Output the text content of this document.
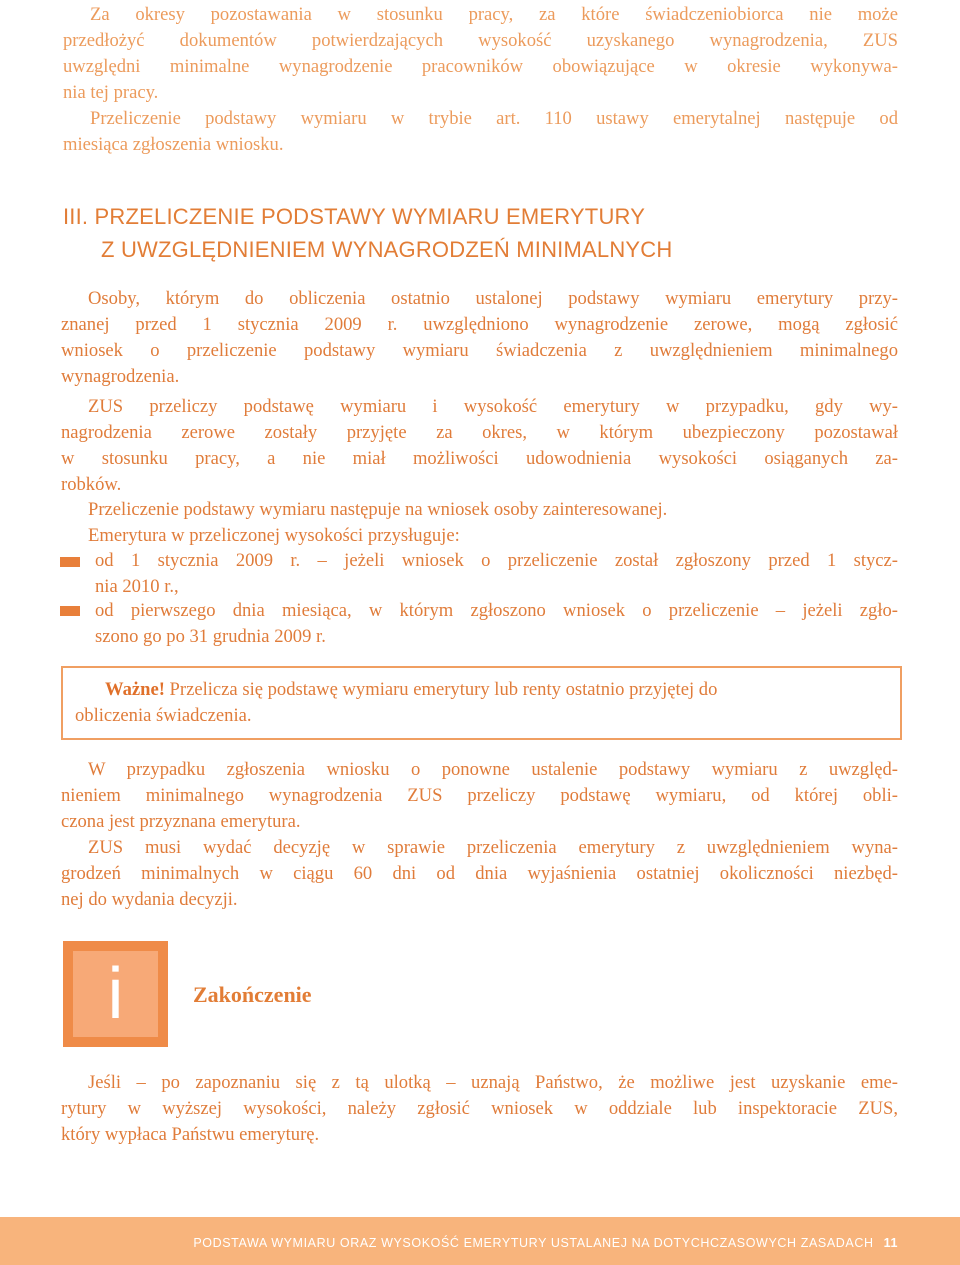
Za okresy pozostawania w stosunku pracy, za które świadczeniobiorca nie może
przedłożyć dokumentów potwierdzających wysokość uzyskanego wynagrodzenia, ZUS
uwzględni minimalne wynagrodzenie pracowników obowiązujące w okresie wykonywa-
nia tej pracy.
Przeliczenie podstawy wymiaru w trybie art. 110 ustawy emerytalnej następuje od
miesiąca zgłoszenia wniosku.
III. PRZELICZENIE PODSTAWY WYMIARU EMERYTURY
Z UWZGLĘDNIENIEM WYNAGRODZEŃ MINIMALNYCH
Osoby, którym do obliczenia ostatnio ustalonej podstawy wymiaru emerytury przy-
znanej przed 1 stycznia 2009 r. uwzględniono wynagrodzenie zerowe, mogą zgłosić
wniosek o przeliczenie podstawy wymiaru świadczenia z uwzględnieniem minimalnego
wynagrodzenia.
ZUS przeliczy podstawę wymiaru i wysokość emerytury w przypadku, gdy wy-
nagrodzenia zerowe zostały przyjęte za okres, w którym ubezpieczony pozostawał
w stosunku pracy, a nie miał możliwości udowodnienia wysokości osiąganych za-
robków.
Przeliczenie podstawy wymiaru następuje na wniosek osoby zainteresowanej.
Emerytura w przeliczonej wysokości przysługuje:
od 1 stycznia 2009 r. – jeżeli wniosek o przeliczenie został zgłoszony przed 1 stycz-
nia 2010 r.,
od pierwszego dnia miesiąca, w którym zgłoszono wniosek o przeliczenie – jeżeli zgło-
szono go po 31 grudnia 2009 r.
Ważne! Przelicza się podstawę wymiaru emerytury lub renty ostatnio przyjętej do
obliczenia świadczenia.
W przypadku zgłoszenia wniosku o ponowne ustalenie podstawy wymiaru z uwzględ-
nieniem minimalnego wynagrodzenia ZUS przeliczy podstawę wymiaru, od której obli-
czona jest przyznana emerytura.
ZUS musi wydać decyzję w sprawie przeliczenia emerytury z uwzględnieniem wyna-
grodzeń minimalnych w ciągu 60 dni od dnia wyjaśnienia ostatniej okoliczności niezbęd-
nej do wydania decyzji.
i	Zakończenie
Jeśli – po zapoznaniu się z tą ulotką – uznają Państwo, że możliwe jest uzyskanie eme-
rytury w wyższej wysokości, należy zgłosić wniosek w oddziale lub inspektoracie ZUS,
który wypłaca Państwu emeryturę.
PODSTAWA WYMIARU ORAZ WYSOKOŚĆ EMERYTURY USTALANEJ NA DOTYCHCZASOWYCH ZASADACH 11
